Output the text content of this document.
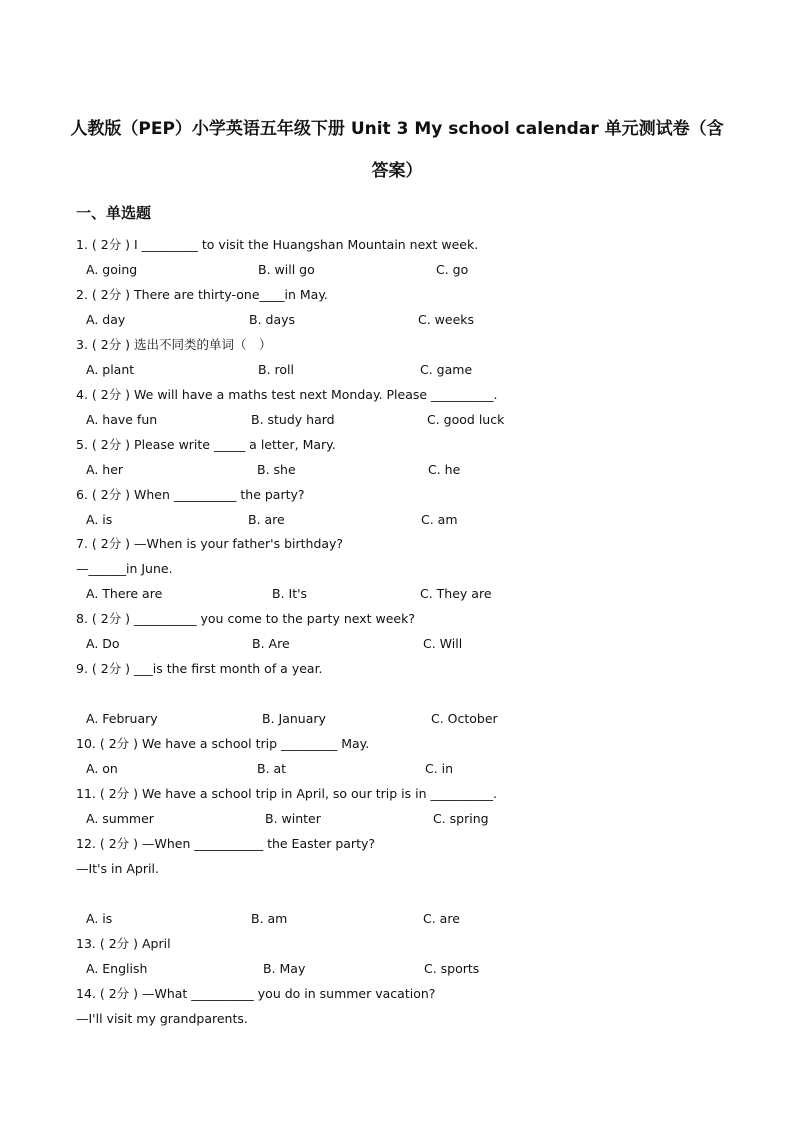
人教版（PEP）小学英语五年级下册 Unit 3 My school calendar 单元测试卷（含
答案）
一、单选题
1. ( 2分 ) I _________ to visit the Huangshan Mountain next week.
A. going	B. will go	C. go
2. ( 2分 ) There are thirty-one____in May.
A. day	B. days	C. weeks
3. ( 2分 ) 选出不同类的单词（　）
A. plant	B. roll	C. game
4. ( 2分 ) We will have a maths test next Monday. Please __________.
A. have fun	B. study hard	C. good luck
5. ( 2分 ) Please write _____ a letter, Mary.
A. her	B. she	C. he
6. ( 2分 ) When __________ the party?
A. is	B. are	C. am
7. ( 2分 ) —When is your father's birthday?
—______in June.
A. There are	B. It's	C. They are
8. ( 2分 ) __________ you come to the party next week?
A. Do	B. Are	C. Will
9. ( 2分 ) ___is the first month of a year.
A. February	B. January	C. October
10. ( 2分 ) We have a school trip _________ May.
A. on	B. at	C. in
11. ( 2分 ) We have a school trip in April, so our trip is in __________.
A. summer	B. winter	C. spring
12. ( 2分 ) —When ___________ the Easter party?
—It's in April.
A. is	B. am	C. are
13. ( 2分 ) April
A. English	B. May	C. sports
14. ( 2分 ) —What __________ you do in summer vacation?
—I'll visit my grandparents.
